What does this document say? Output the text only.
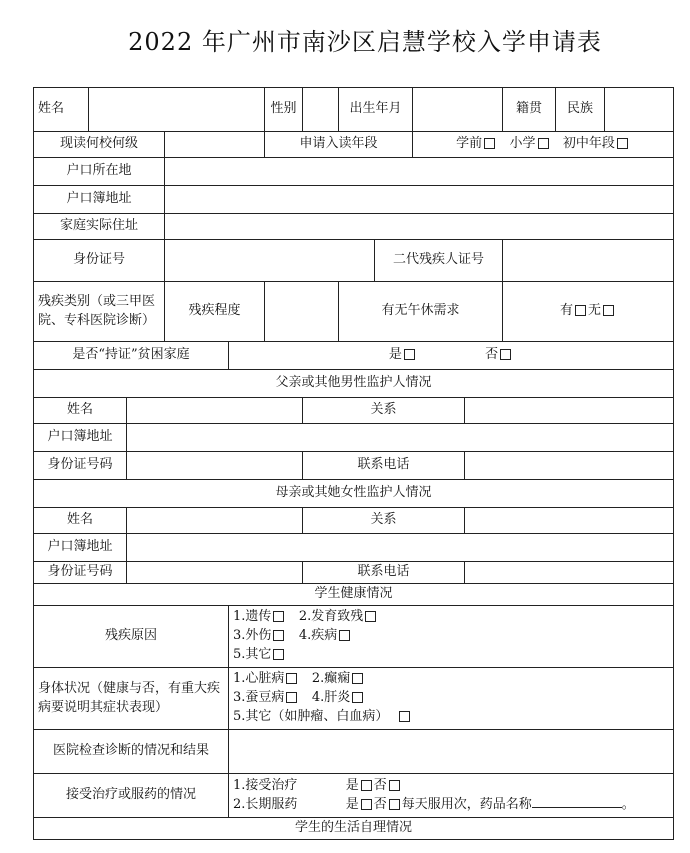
2022 年广州市南沙区启慧学校入学申请表
姓名					性别		出生年月				籍贯	民族	
现读何校何级					申请入读年段				学前 小学 初中年段				
户口所在地													
户口簿地址													
家庭实际住址													
身份证号								二代残疾人证号					
残疾类别（或三甲医院、专科医院诊断）			残疾程度				有无午休需求				有 无		
是否“持证”贫困家庭				是 否									
父亲或其他男性监护人情况													
姓名						关系							
户口簿地址													
身份证号码						联系电话							
母亲或其她女性监护人情况													
姓名						关系							
户口簿地址													
身份证号码						联系电话							
学生健康情况													
残疾原因				1.遗传 2.发育致残
3.外伤 4.疾病
5.其它									
身体状况（健康与否，有重大疾病要说明其症状表现）				1.心脏病 2.癫痫
3.蚕豆病 4.肝炎
5.其它（如肿瘤、白血病）									
医院检查诊断的情况和结果													
接受治疗或服药的情况				1.接受治疗 是 否
2.长期服药 是 否 每天服用次，药品名称 。									
学生的生活自理情况													
